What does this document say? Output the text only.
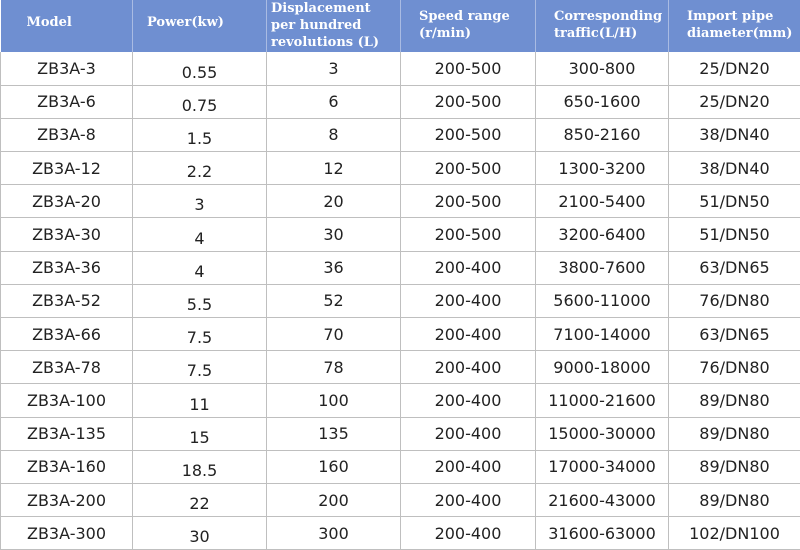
Model	Power(kw)	Displacement per hundred revolutions (L)	Speed range (r/min)	Corresponding traffic(L/H)	Import pipe diameter(mm)
ZB3A-3	0.55	3	200-500	300-800	25/DN20
ZB3A-6	0.75	6	200-500	650-1600	25/DN20
ZB3A-8	1.5	8	200-500	850-2160	38/DN40
ZB3A-12	2.2	12	200-500	1300-3200	38/DN40
ZB3A-20	3	20	200-500	2100-5400	51/DN50
ZB3A-30	4	30	200-500	3200-6400	51/DN50
ZB3A-36	4	36	200-400	3800-7600	63/DN65
ZB3A-52	5.5	52	200-400	5600-11000	76/DN80
ZB3A-66	7.5	70	200-400	7100-14000	63/DN65
ZB3A-78	7.5	78	200-400	9000-18000	76/DN80
ZB3A-100	11	100	200-400	11000-21600	89/DN80
ZB3A-135	15	135	200-400	15000-30000	89/DN80
ZB3A-160	18.5	160	200-400	17000-34000	89/DN80
ZB3A-200	22	200	200-400	21600-43000	89/DN80
ZB3A-300	30	300	200-400	31600-63000	102/DN100
